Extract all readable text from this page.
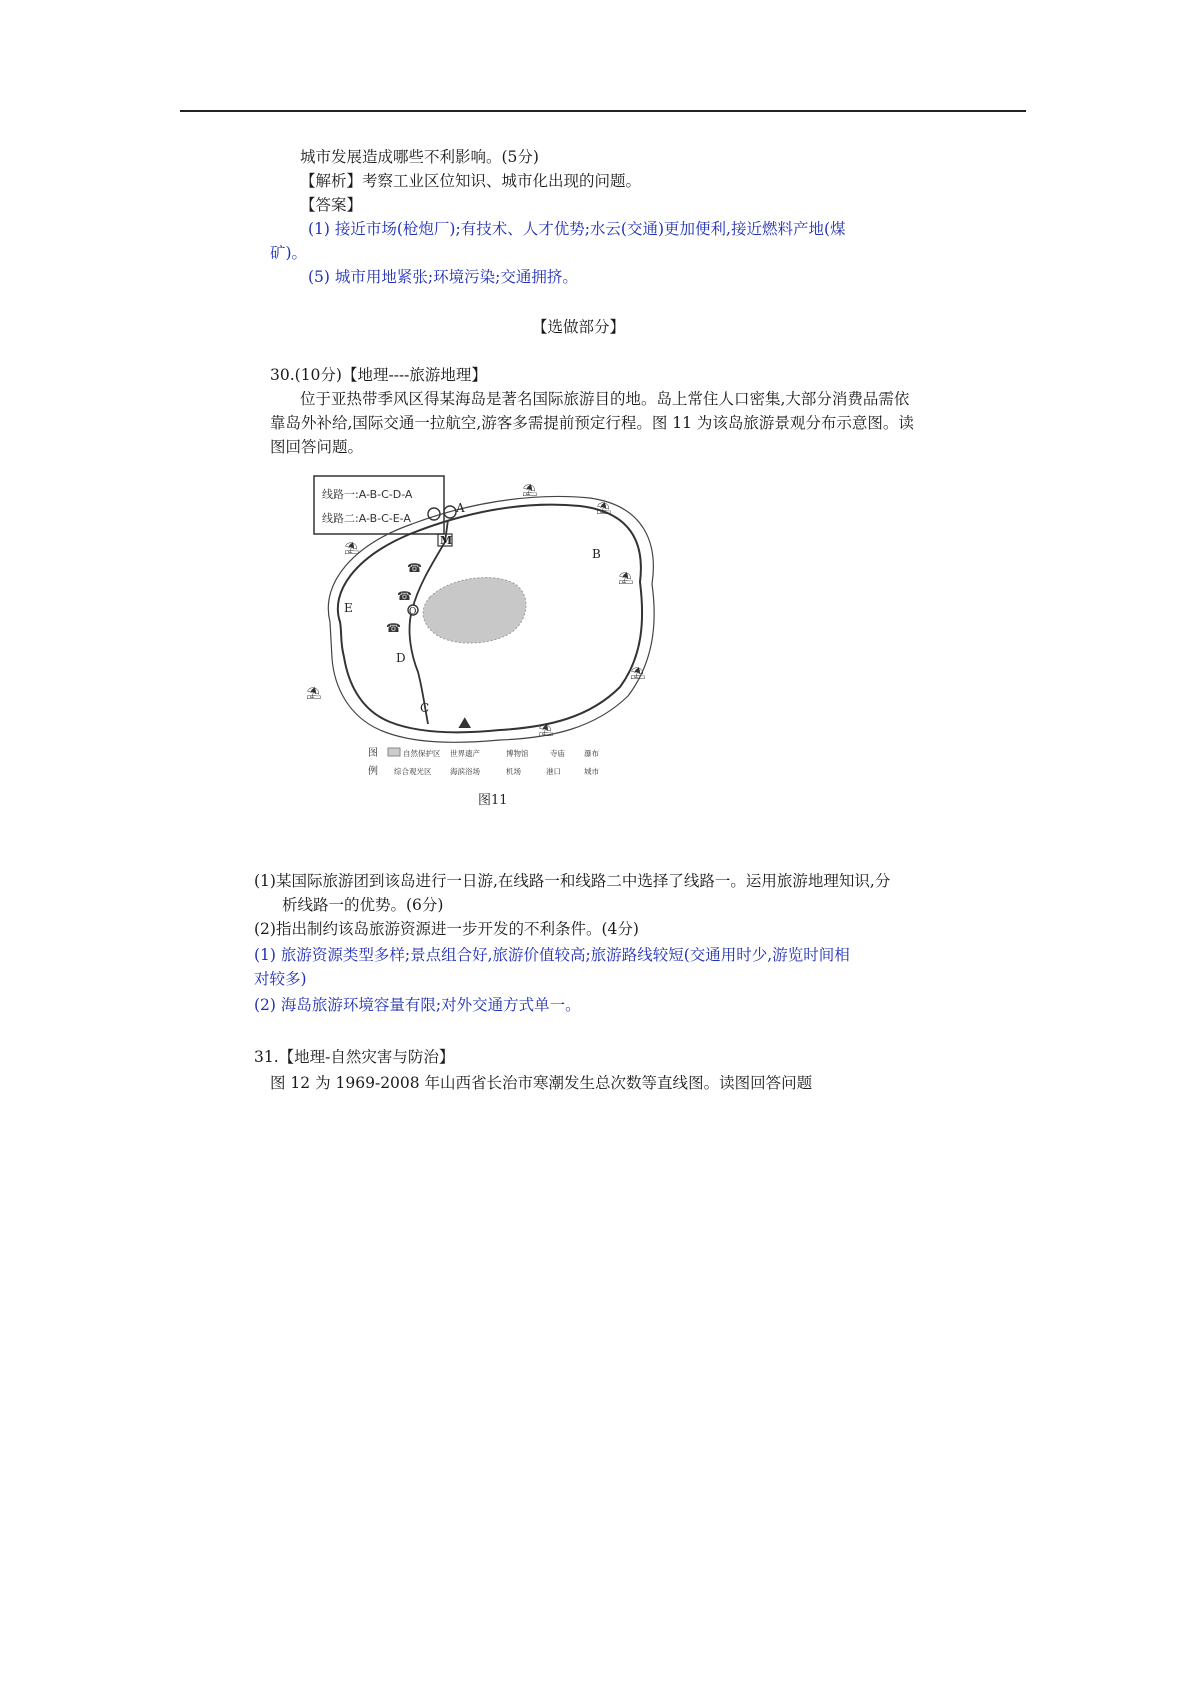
城市发展造成哪些不利影响。(5分)
【解析】考察工业区位知识、城市化出现的问题。
【答案】
(1) 接近市场(枪炮厂);有技术、人才优势;水云(交通)更加便利,接近燃料产地(煤
矿)。
(5) 城市用地紧张;环境污染;交通拥挤。
【选做部分】
30.(10分)【地理----旅游地理】
位于亚热带季风区得某海岛是著名国际旅游目的地。岛上常住人口密集,大部分消费品需依
靠岛外补给,国际交通一拉航空,游客多需提前预定行程。图 11 为该岛旅游景观分布示意图。读
图回答问题。
线路一:A-B-C-D-A
线路二:A-B-C-E-A
☎
☎
☎
⛰
⛱
⛱
⛱
⛱
⛱
⛱
⛱
A
B
C
D
E
M
O
图
例
自然保护区 世界遗产	博物馆	寺庙	瀑布
综合观光区 海滨浴场	机场	港口	城市
图11
(1)某国际旅游团到该岛进行一日游,在线路一和线路二中选择了线路一。运用旅游地理知识,分
析线路一的优势。(6分)
(2)指出制约该岛旅游资源进一步开发的不利条件。(4分)
(1) 旅游资源类型多样;景点组合好,旅游价值较高;旅游路线较短(交通用时少,游览时间相
对较多)
(2) 海岛旅游环境容量有限;对外交通方式单一。
31.【地理-自然灾害与防治】
图 12 为 1969-2008 年山西省长治市寒潮发生总次数等直线图。读图回答问题
